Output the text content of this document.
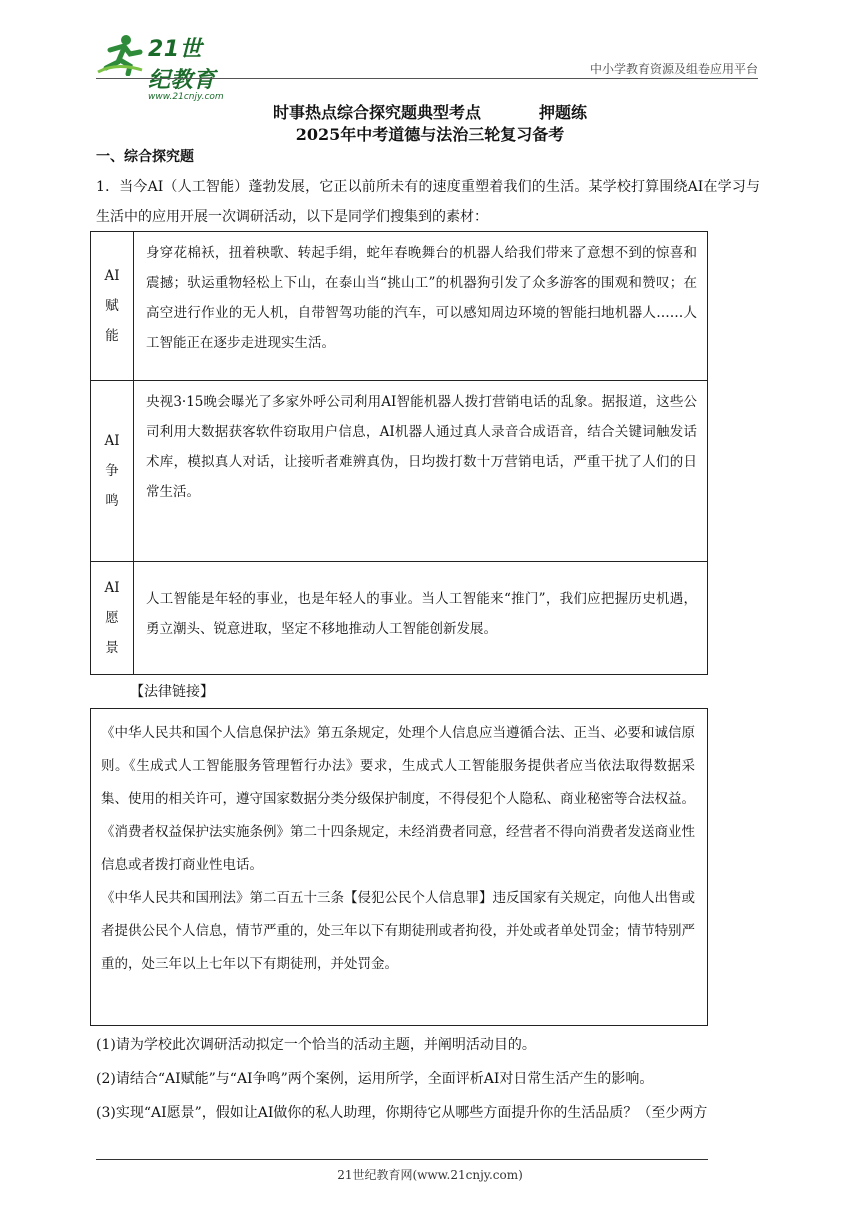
21世纪教育
www.21cnjy.com
中小学教育资源及组卷应用平台
时事热点综合探究题典型考点	押题练
2025年中考道德与法治三轮复习备考
一、综合探究题
1．当今AI（人工智能）蓬勃发展，它正以前所未有的速度重塑着我们的生活。某学校打算围绕AI在学习与生活中的应用开展一次调研活动，以下是同学们搜集到的素材：
AI
赋
能	身穿花棉袄，扭着秧歌、转起手绢，蛇年春晚舞台的机器人给我们带来了意想不到的惊喜和震撼；驮运重物轻松上下山，在泰山当“挑山工”的机器狗引发了众多游客的围观和赞叹；在高空进行作业的无人机，自带智驾功能的汽车，可以感知周边环境的智能扫地机器人……人工智能正在逐步走进现实生活。

AI
争
鸣	央视3·15晚会曝光了多家外呼公司利用AI智能机器人拨打营销电话的乱象。据报道，这些公司利用大数据获客软件窃取用户信息，AI机器人通过真人录音合成语音，结合关键词触发话术库，模拟真人对话，让接听者难辨真伪，日均拨打数十万营销电话，严重干扰了人们的日常生活。

AI
愿
景	人工智能是年轻的事业，也是年轻人的事业。当人工智能来“推门”，我们应把握历史机遇，勇立潮头、锐意进取，坚定不移地推动人工智能创新发展。
【法律链接】

《中华人民共和国个人信息保护法》第五条规定，处理个人信息应当遵循合法、正当、必要和诚信原则。《生成式人工智能服务管理暂行办法》要求，生成式人工智能服务提供者应当依法取得数据采集、使用的相关许可，遵守国家数据分类分级保护制度，不得侵犯个人隐私、商业秘密等合法权益。

《消费者权益保护法实施条例》第二十四条规定，未经消费者同意，经营者不得向消费者发送商业性信息或者拨打商业性电话。

《中华人民共和国刑法》第二百五十三条【侵犯公民个人信息罪】违反国家有关规定，向他人出售或者提供公民个人信息，情节严重的，处三年以下有期徒刑或者拘役，并处或者单处罚金；情节特别严重的，处三年以上七年以下有期徒刑，并处罚金。

(1)请为学校此次调研活动拟定一个恰当的活动主题，并阐明活动目的。
(2)请结合“AI赋能”与“AI争鸣”两个案例，运用所学，全面评析AI对日常生活产生的影响。
(3)实现“AI愿景”，假如让AI做你的私人助理，你期待它从哪些方面提升你的生活品质？（至少两方
21世纪教育网(www.21cnjy.com)
